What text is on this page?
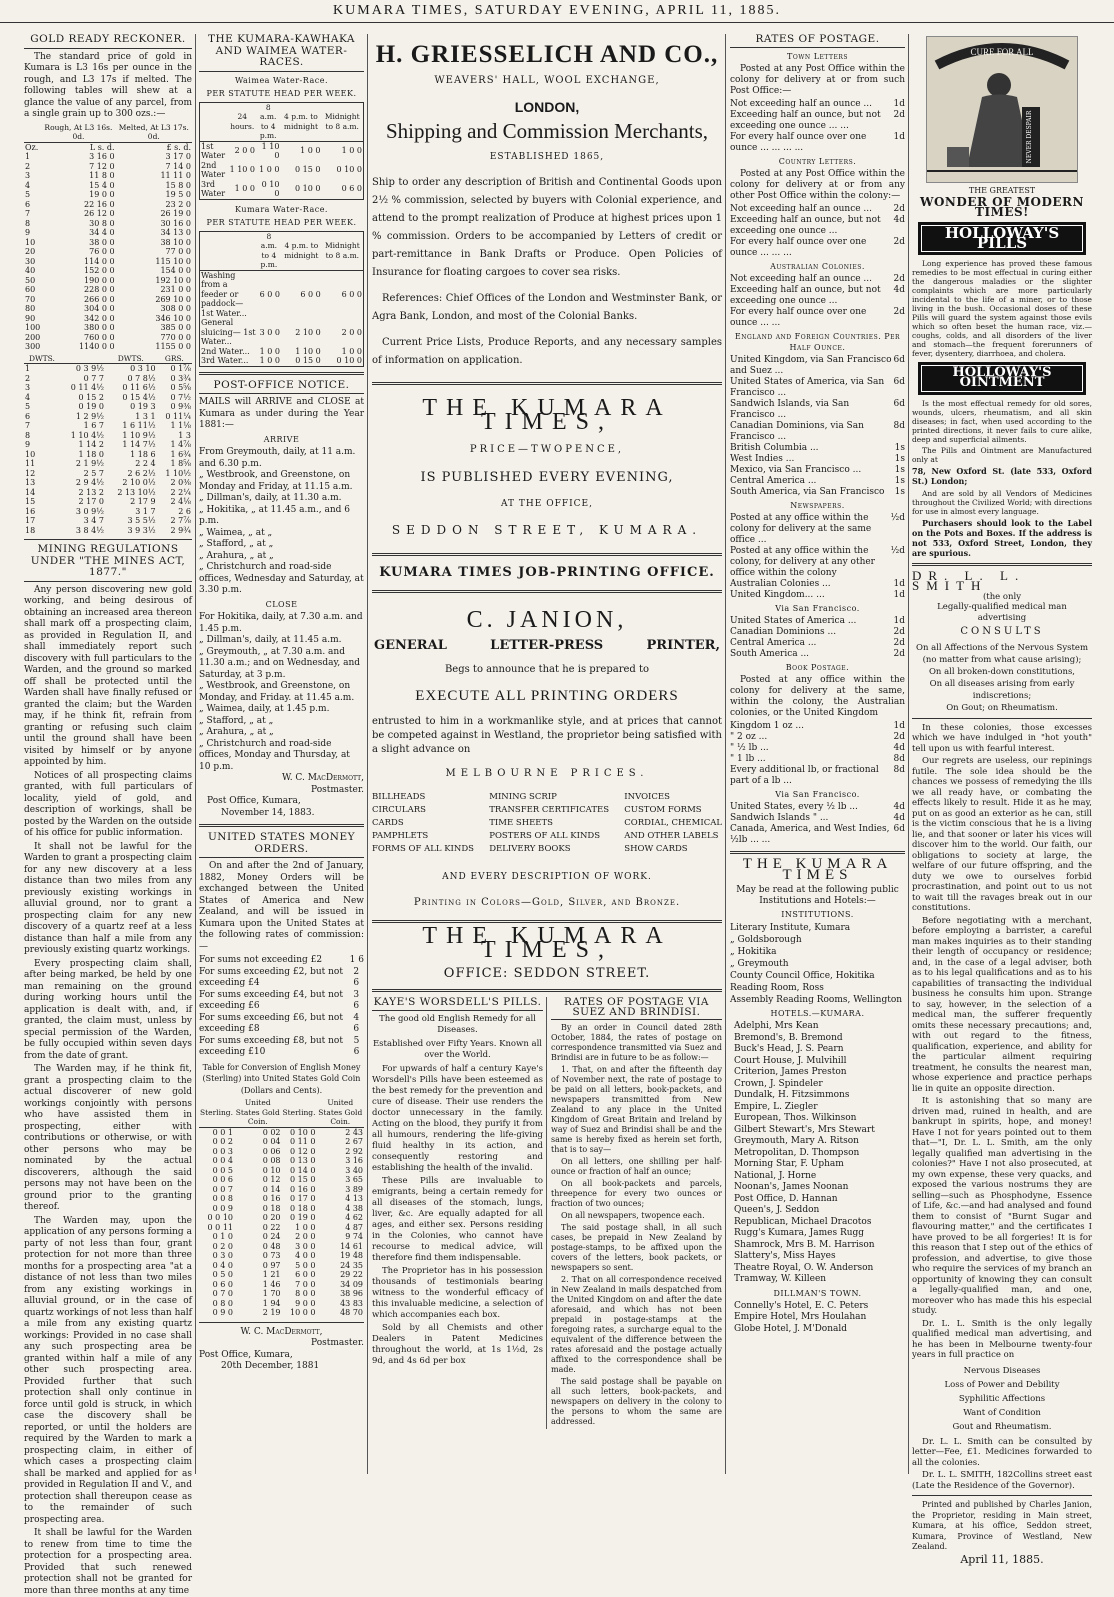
KUMARA TIMES, SATURDAY EVENING, APRIL 11, 1885.
GOLD READY RECKONER.

The standard price of gold in Kumara is L3 16s per ounce in the rough, and L3 17s if melted. The following tables will shew at a glance the value of any parcel, from a single grain up to 300 ozs.:—

	Rough, At L3 16s. 0d.	Melted, At L3 17s. 0d.
Oz.	L s. d.	£ s. d.
1	3 16 0	3 17 0
2	7 12 0	7 14 0
3	11 8 0	11 11 0
4	15 4 0	15 8 0
5	19 0 0	19 5 0
6	22 16 0	23 2 0
7	26 12 0	26 19 0
8	30 8 0	30 16 0
9	34 4 0	34 13 0
10	38 0 0	38 10 0
20	76 0 0	77 0 0
30	114 0 0	115 10 0
40	152 0 0	154 0 0
50	190 0 0	192 10 0
60	228 0 0	231 0 0
70	266 0 0	269 10 0
80	304 0 0	308 0 0
90	342 0 0	346 10 0
100	380 0 0	385 0 0
200	760 0 0	770 0 0
300	1140 0 0	1155 0 0
DWTS.		DWTS.	GRS.
1	0 3 9½	0 3 10	0 1⅞
2	0 7 7	0 7 8½	0 3¾
3	0 11 4½	0 11 6½	0 5⅝
4	0 15 2	0 15 4½	0 7½
5	0 19 0	0 19 3	0 9⅜
6	1 2 9½	1 3 1	0 11¼
7	1 6 7	1 6 11½	1 1⅛
8	1 10 4½	1 10 9½	1 3
9	1 14 2	1 14 7½	1 4⅞
10	1 18 0	1 18 6	1 6¾
11	2 1 9½	2 2 4	1 8⅝
12	2 5 7	2 6 2½	1 10½
13	2 9 4½	2 10 0½	2 0⅜
14	2 13 2	2 13 10½	2 2¼
15	2 17 0	2 17 9	2 4⅛
16	3 0 9½	3 1 7	2 6
17	3 4 7	3 5 5½	2 7⅞
18	3 8 4½	3 9 3½	2 9¾
MINING REGULATIONS UNDER "THE MINES ACT, 1877."

Any person discovering new gold working, and being desirous of obtaining an increased area thereon shall mark off a prospecting claim, as provided in Regulation II, and shall immediately report such discovery with full particulars to the Warden, and the ground so marked off shall be protected until the Warden shall have finally refused or granted the claim; but the Warden may, if he think fit, refrain from granting or refusing such claim until the ground shall have been visited by himself or by anyone appointed by him.

Notices of all prospecting claims granted, with full particulars of locality, yield of gold, and description of workings, shall be posted by the Warden on the outside of his office for public information.

It shall not be lawful for the Warden to grant a prospecting claim for any new discovery at a less distance than two miles from any previously existing workings in alluvial ground, nor to grant a prospecting claim for any new discovery of a quartz reef at a less distance than half a mile from any previously existing quartz workings.

Every prospecting claim shall, after being marked, be held by one man remaining on the ground during working hours until the application is dealt with, and, if granted, the claim must, unless by special permission of the Warden, be fully occupied within seven days from the date of grant.

The Warden may, if he think fit, grant a prospecting claim to the actual discoverer of new gold workings conjointly with persons who have assisted them in prospecting, either with contributions or otherwise, or with other persons who may be nominated by the actual discoverers, although the said persons may not have been on the ground prior to the granting thereof.

The Warden may, upon the application of any persons forming a party of not less than four, grant protection for not more than three months for a prospecting area "at a distance of not less than two miles from any existing workings in alluvial ground, or in the case of quartz workings of not less than half a mile from any existing quartz workings: Provided in no case shall any such prospecting area be granted within half a mile of any other such prospecting area. Provided further that such protection shall only continue in force until gold is struck, in which case the discovery shall be reported, or until the holders are required by the Warden to mark a prospecting claim, in either of which cases a prospecting claim shall be marked and applied for as provided in Regulation II and V., and protection shall thereupon cease as to the remainder of such prospecting area.

It shall be lawful for the Warden to renew from time to time the protection for a prospecting area. Provided that such renewed protection shall not be granted for more than three months at any time

THE KUMARA-KAWHAKA AND WAIMEA WATER-RACES.
Waimea Water-Race.
PER STATUTE HEAD PER WEEK.
	24 hours.	8 a.m. to 4 p.m.	4 p.m. to midnight	Midnight to 8 a.m.
1st Water	2 0 0	1 10 0	1 0 0	1 0 0
2nd Water	1 10 0	1 0 0	0 15 0	0 10 0
3rd Water	1 0 0	0 10 0	0 10 0	0 6 0
Kumara Water-Race.
PER STATUTE HEAD PER WEEK.
	8 a.m. to 4 p.m.	4 p.m. to midnight	Midnight to 8 a.m.
Washing from a feeder or paddock— 1st Water...	6 0 0	6 0 0	6 0 0
General sluicing— 1st Water...	3 0 0	2 10 0	2 0 0
2nd Water...	1 0 0	1 10 0	1 0 0
3rd Water...	1 0 0	0 15 0	0 10 0
POST-OFFICE NOTICE.

MAILS will ARRIVE and CLOSE at Kumara as under during the Year 1881:—

ARRIVE
From Greymouth, daily, at 11 a.m. and 6.30 p.m.
„ Westbrook, and Greenstone, on Monday and Friday, at 11.15 a.m.
„ Dillman's, daily, at 11.30 a.m.
„ Hokitika, „ at 11.45 a.m., and 6 p.m.
„ Waimea, „ at „
„ Stafford, „ at „
„ Arahura, „ at „
„ Christchurch and road-side offices, Wednesday and Saturday, at 3.30 p.m.
CLOSE
For Hokitika, daily, at 7.30 a.m. and 1.45 p.m.
„ Dillman's, daily, at 11.45 a.m.
„ Greymouth, „ at 7.30 a.m. and 11.30 a.m.; and on Wednesday, and Saturday, at 3 p.m.
„ Westbrook, and Greenstone, on Monday, and Friday. at 11.45 a.m.
„ Waimea, daily, at 1.45 p.m.
„ Stafford, „ at „
„ Arahura, „ at „
„ Christchurch and road-side offices, Monday and Thursday, at 10 p.m.
W. C. MacDermott,
Postmaster.
Post Office, Kumara,
November 14, 1883.
UNITED STATES MONEY ORDERS.

On and after the 2nd of January, 1882, Money Orders will be exchanged between the United States of America and New Zealand, and will be issued in Kumara upon the United States at the following rates of commission:—

For sums not exceeding £2	1 6
For sums exceeding £2, but not exceeding £4
2 6
For sums exceeding £4, but not exceeding £6
3 6
For sums exceeding £6, but not exceeding £8
4 6
For sums exceeding £8, but not exceeding £10
5 6

Table for Conversion of English Money (Sterling) into United States Gold Coin (Dollars and Cents).

Sterling.	United States Gold Coin.	Sterling.	United States Gold Coin.
0 0 1	0 02	0 10 0	2 43
0 0 2	0 04	0 11 0	2 67
0 0 3	0 06	0 12 0	2 92
0 0 4	0 08	0 13 0	3 16
0 0 5	0 10	0 14 0	3 40
0 0 6	0 12	0 15 0	3 65
0 0 7	0 14	0 16 0	3 89
0 0 8	0 16	0 17 0	4 13
0 0 9	0 18	0 18 0	4 38
0 0 10	0 20	0 19 0	4 62
0 0 11	0 22	1 0 0	4 87
0 1 0	0 24	2 0 0	9 74
0 2 0	0 48	3 0 0	14 61
0 3 0	0 73	4 0 0	19 48
0 4 0	0 97	5 0 0	24 35
0 5 0	1 21	6 0 0	29 22
0 6 0	1 46	7 0 0	34 09
0 7 0	1 70	8 0 0	38 96
0 8 0	1 94	9 0 0	43 83
0 9 0	2 19	10 0 0	48 70
W. C. MacDermott,
Postmaster.
Post Office, Kumara,
20th December, 1881
H. GRIESSELICH AND CO.,
WEAVERS' HALL, WOOL EXCHANGE,
LONDON,
Shipping and Commission Merchants,
ESTABLISHED 1865,

Ship to order any description of British and Continental Goods upon 2½ % commission, selected by buyers with Colonial experience, and attend to the prompt realization of Produce at highest prices upon 1 % commission. Orders to be accompanied by Letters of credit or part-remittance in Bank Drafts or Produce. Open Policies of Insurance for floating cargoes to cover sea risks.

References: Chief Offices of the London and Westminster Bank, or Agra Bank, London, and most of the Colonial Banks.

Current Price Lists, Produce Reports, and any necessary samples of information on application.

THE KUMARA TIMES,
PRICE—TWOPENCE,
IS PUBLISHED EVERY EVENING,
AT THE OFFICE,
SEDDON STREET, KUMARA.
KUMARA TIMES JOB-PRINTING OFFICE.
C. JANION,
GENERAL	LETTER-PRESS	PRINTER,
Begs to announce that he is prepared to
EXECUTE ALL PRINTING ORDERS

entrusted to him in a workmanlike style, and at prices that cannot be competed against in Westland, the proprietor being satisfied with a slight advance on

MELBOURNE PRICES.
BILLHEADS
CIRCULARS
CARDS
PAMPHLETS
FORMS OF ALL KINDS
MINING SCRIP
TRANSFER CERTIFICATES
TIME SHEETS
POSTERS OF ALL KINDS
DELIVERY BOOKS
INVOICES
CUSTOM FORMS
CORDIAL, CHEMICAL
AND OTHER LABELS
SHOW CARDS
AND EVERY DESCRIPTION OF WORK.
Printing in Colors—Gold, Silver, and Bronze.
THE KUMARA TIMES,
OFFICE: SEDDON STREET.
KAYE'S WORSDELL'S PILLS.
The good old English Remedy for all Diseases.
Established over Fifty Years. Known all over the World.

For upwards of half a century Kaye's Worsdell's Pills have been esteemed as the best remedy for the prevention and cure of disease. Their use renders the doctor unnecessary in the family. Acting on the blood, they purify it from all humours, rendering the life-giving fluid healthy in its action, and consequently restoring and establishing the health of the invalid.

These Pills are invaluable to emigrants, being a certain remedy for all diseases of the stomach, lungs, liver, &c. Are equally adapted for all ages, and either sex. Persons residing in the Colonies, who cannot have recourse to medical advice, will therefore find them indispensable.

The Proprietor has in his possession thousands of testimonials bearing witness to the wonderful efficacy of this invaluable medicine, a selection of which accompanies each box.

Sold by all Chemists and other Dealers in Patent Medicines throughout the world, at 1s 1½d, 2s 9d, and 4s 6d per box

RATES OF POSTAGE VIA SUEZ AND BRINDISI.

By an order in Council dated 28th October, 1884, the rates of postage on correspondence transmitted via Suez and Brindisi are in future to be as follow:—

1. That, on and after the fifteenth day of November next, the rate of postage to be paid on all letters, book-packets, and newspapers transmitted from New Zealand to any place in the United Kingdom of Great Britain and Ireland by way of Suez and Brindisi shall be and the same is hereby fixed as herein set forth, that is to say—

On all letters, one shilling per half-ounce or fraction of half an ounce;

On all book-packets and parcels, threepence for every two ounces or fraction of two ounces;

On all newspapers, twopence each.

The said postage shall, in all such cases, be prepaid in New Zealand by postage-stamps, to be affixed upon the covers of the letters, book packets, or newspapers so sent.

2. That on all correspondence received in New Zealand in mails despatched from the United Kingdom on and after the date aforesaid, and which has not been prepaid in postage-stamps at the foregoing rates, a surcharge equal to the equivalent of the difference between the rates aforesaid and the postage actually affixed to the correspondence shall be made.

The said postage shall be payable on all such letters, book-packets, and newspapers on delivery in the colony to the persons to whom the same are addressed.

RATES OF POSTAGE.
Town Letters

Posted at any Post Office within the colony for delivery at or from such Post Office:—

Not exceeding half an ounce ... 1d
Exceeding half an ounce, but not exceeding one ounce ... ...
2d
For every half ounce over one ounce ... ... ... ...
1d
Country Letters.

Posted at any Post Office within the colony for delivery at or from any other Post Office within the colony:—

Not exceeding half an ounce ... 2d
Exceeding half an ounce, but not exceeding one ounce ...
4d
For every half ounce over one ounce ... ... ...
2d
Australian Colonies.
Not exceeding half an ounce ... 2d
Exceeding half an ounce, but not exceeding one ounce ...
4d
For every half ounce over one ounce ... ...
2d
England and Foreign Countries. Per Half Ounce.
United Kingdom, via San Francisco and Suez ...
6d
United States of America, via San Francisco ...
6d
Sandwich Islands, via San Francisco ...
6d
Canadian Dominions, via San Francisco ...
8d
British Columbia ...	1s
West Indies ...	1s
Mexico, via San Francisco ...	1s
Central America ...	1s
South America, via San Francisco 1s
Newspapers.
Posted at any office within the colony for delivery at the same office ...
½d
Posted at any office within the colony, for delivery at any other office within the colony
½d
Australian Colonies ...	1d
United Kingdom... ...	1d
Via San Francisco.
United States of America ...	1d
Canadian Dominions ...	2d
Central America ...	2d
South America ...	2d
Book Postage.

Posted at any office within the colony for delivery at the same, within the colony, the Australian colonies, or the United Kingdom

Kingdom 1 oz ...	1d
" 2 oz ...	2d
" ½ lb ...	4d
" 1 lb ...	8d
Every additional lb, or fractional part of a lb ...
8d
Via San Francisco.
United States, every ½ lb ...	4d
Sandwich Islands " ...	4d
Canada, America, and West Indies, ½lb ... ...
6d
THE KUMARA TIMES

May be read at the following public Institutions and Hotels:—

INSTITUTIONS.
Literary Institute, Kumara
„ Goldsborough
„ Hokitika
„ Greymouth
County Council Office, Hokitika
Reading Room, Ross
Assembly Reading Rooms, Wellington
HOTELS.—KUMARA.
Adelphi, Mrs Kean
Bremond's, B. Bremond
Buck's Head, J. S. Pearn
Court House, J. Mulvihill
Criterion, James Preston
Crown, J. Spindeler
Dundalk, H. Fitzsimmons
Empire, L. Ziegler
European, Thos. Wilkinson
Gilbert Stewart's, Mrs Stewart
Greymouth, Mary A. Ritson
Metropolitan, D. Thompson
Morning Star, F. Upham
National, J. Horne
Noonan's, James Noonan
Post Office, D. Hannan
Queen's, J. Seddon
Republican, Michael Dracotos
Rugg's Kumara, James Rugg
Shamrock, Mrs B. M. Harrison
Slattery's, Miss Hayes
Theatre Royal, O. W. Anderson
Tramway, W. Killeen
DILLMAN'S TOWN.
Connelly's Hotel, E. C. Peters
Empire Hotel, Mrs Houlahan
Globe Hotel, J. M'Donald
CURE FOR ALL
NEVER DESPAIR
THE GREATEST
WONDER OF MODERN TIMES!
HOLLOWAY'S PILLS

Long experience has proved these famous remedies to be most effectual in curing either the dangerous maladies or the slighter complaints which are more particularly incidental to the life of a miner, or to those living in the bush. Occasional doses of these Pills will guard the system against those evils which so often beset the human race, viz.—coughs, colds, and all disorders of the liver and stomach—the frequent forerunners of fever, dysentery, diarrhoea, and cholera.

HOLLOWAY'S OINTMENT

Is the most effectual remedy for old sores, wounds, ulcers, rheumatism, and all skin diseases; in fact, when used according to the printed directions, it never fails to cure alike, deep and superficial ailments.

The Pills and Ointment are Manufactured only at

78, New Oxford St. (late 533, Oxford St.) London;

And are sold by all Vendors of Medicines throughout the Civilized World; with directions for use in almost every language.

Purchasers should look to the Label on the Pots and Boxes. If the address is not 533, Oxford Street, London, they are spurious.

DR. L. L. SMITH
(the only
Legally-qualified medical man advertising
CONSULTS
On all Affections of the Nervous System (no matter from what cause arising);
On all broken-down constitutions,
On all diseases arising from early indiscretions;
On Gout; on Rheumatism.

In these colonies, those excesses which we have indulged in "hot youth" tell upon us with fearful interest.

Our regrets are useless, our repinings futile. The sole idea should be the chances we possess of remedying the ills we all ready have, or combating the effects likely to result. Hide it as he may, put on as good an exterior as he can, still is the victim conscious that he is a living lie, and that sooner or later his vices will discover him to the world. Our faith, our obligations to society at large, the welfare of our future offspring, and the duty we owe to ourselves forbid procrastination, and point out to us not to wait till the ravages break out in our constitutions.

Before negotiating with a merchant, before employing a barrister, a careful man makes inquiries as to their standing their length of occupancy or residence; and, in the case of a legal adviser, both as to his legal qualifications and as to his capabilities of transacting the individual business he consults him upon. Strange to say, however, in the selection of a medical man, the sufferer frequently omits these necessary precautions; and, with out regard to the fitness, qualification, experience, and ability for the particular ailment requiring treatment, he consults the nearest man, whose experience and practice perhaps lie in quite an opposite direction.

It is astonishing that so many are driven mad, ruined in health, and are bankrupt in spirits, hope, and money! Have I not for years pointed out to them that—"I, Dr. L. L. Smith, am the only legally qualified man advertising in the colonies?" Have I not also prosecuted, at my own expense, these very quacks, and exposed the various nostrums they are selling—such as Phosphodyne, Essence of Life, &c.—and had analysed and found them to consist of "Burnt Sugar and flavouring matter," and the certificates I have proved to be all forgeries! It is for this reason that I step out of the ethics of profession, and advertise, to give those who require the services of my branch an opportunity of knowing they can consult a legally-qualified man, and one, moreover who has made this his especial study.

Dr. L. L. Smith is the only legally qualified medical man advertising, and he has been in Melbourne twenty-four years in full practice on

Nervous Diseases
Loss of Power and Debility
Syphilitic Affections
Want of Condition
Gout and Rheumatism.

Dr. L. L. Smith can be consulted by letter—Fee, £1. Medicines forwarded to all the colonies.

Dr. L. L. SMITH, 182Collins street east (Late the Residence of the Governor).

Printed and published by Charles Janion, the Proprietor, residing in Main street, Kumara, at his office, Seddon street, Kumara, Province of Westland, New Zealand.

April 11, 1885.
